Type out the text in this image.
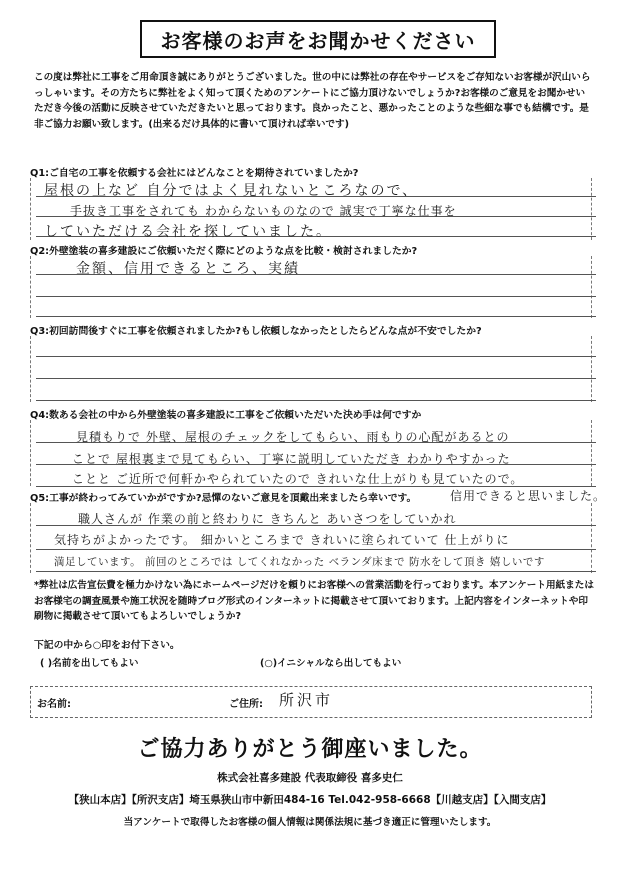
お客様のお声をお聞かせください
この度は弊社に工事をご用命頂き誠にありがとうございました。世の中には弊社の存在やサービスをご存知ないお客様が沢山いらっしゃいます。その方たちに弊社をよく知って頂くためのアンケートにご協力頂けないでしょうか?お客様のご意見をお聞かせいただき今後の活動に反映させていただきたいと思っております。良かったこと、悪かったことのような些細な事でも結構です。是非ご協力お願い致します。(出来るだけ具体的に書いて頂ければ幸いです)
Q1:ご自宅の工事を依頼する会社にはどんなことを期待されていましたか?
屋根の上など 自分ではよく見れないところなので、
手抜き工事をされても わからないものなので 誠実で丁寧な仕事を
していただける会社を探していました。
Q2:外壁塗装の喜多建設にご依頼いただく際にどのような点を比較・検討されましたか?
金額、信用できるところ、実績
Q3:初回訪問後すぐに工事を依頼されましたか?もし依頼しなかったとしたらどんな点が不安でしたか?
Q4:数ある会社の中から外壁塗装の喜多建設に工事をご依頼いただいた決め手は何ですか
見積もりで 外壁、屋根のチェックをしてもらい、雨もりの心配があるとの
ことで 屋根裏まで見てもらい、丁寧に説明していただき わかりやすかった
ことと ご近所で何軒かやられていたので きれいな仕上がりも見ていたので。
Q5:工事が終わってみていかがですか?忌憚のないご意見を頂戴出来ましたら幸いです。	信用できると思いました。
職人さんが 作業の前と終わりに きちんと あいさつをしていかれ
気持ちがよかったです。 細かいところまで きれいに塗られていて 仕上がりに
満足しています。 前回のところでは してくれなかった ベランダ床まで 防水をして頂き 嬉しいです
*弊社は広告宣伝費を極力かけない為にホームページだけを頼りにお客様への営業活動を行っております。本アンケート用紙またはお客様宅の調査風景や施工状況を随時ブログ形式のインターネットに掲載させて頂いております。上記内容をインターネットや印刷物に掲載させて頂いてもよろしいでしょうか?
下記の中から○印をお付下さい。
( )名前を出してもよい	(○)イニシャルなら出してもよい
お名前:	ご住所: 所沢市
ご協力ありがとう御座いました。
株式会社喜多建設 代表取締役 喜多史仁
【狭山本店】【所沢支店】埼玉県狭山市中新田484-16 Tel.042-958-6668【川越支店】【入間支店】
当アンケートで取得したお客様の個人情報は関係法規に基づき適正に管理いたします。
